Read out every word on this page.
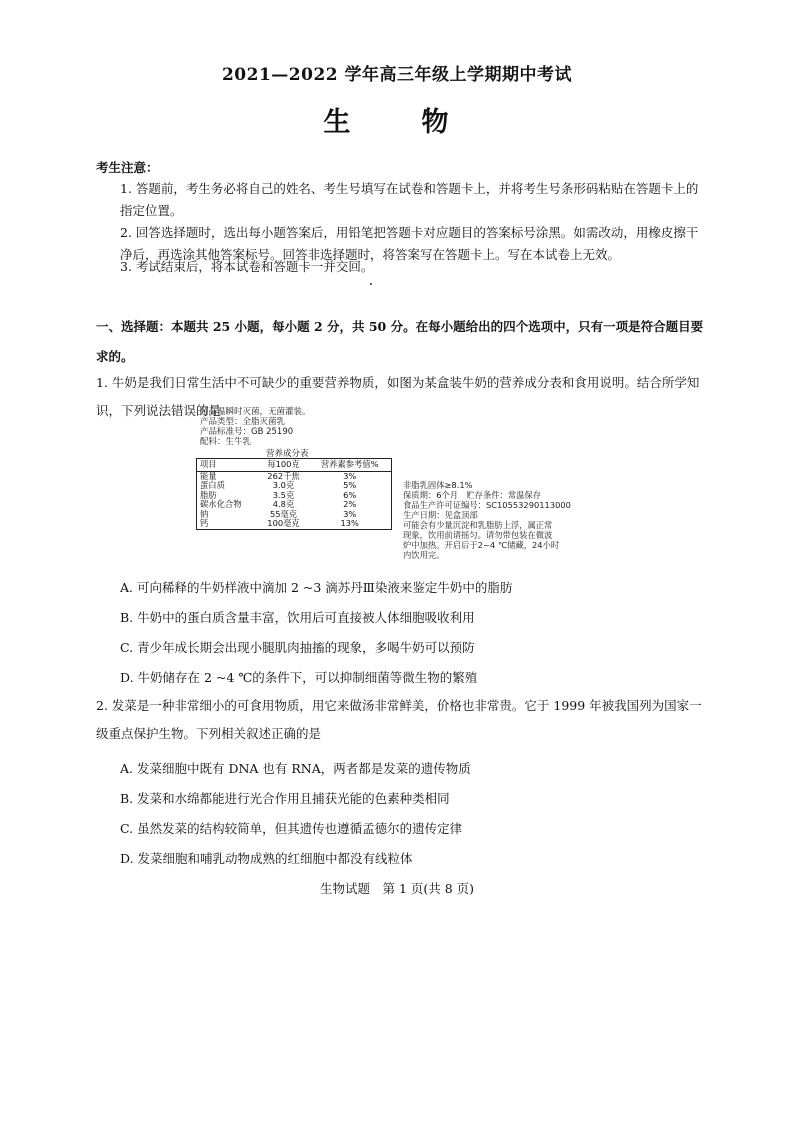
2021—2022 学年高三年级上学期期中考试
生　物
考生注意：
1. 答题前，考生务必将自己的姓名、考生号填写在试卷和答题卡上，并将考生号条形码粘贴在答题卡上的指定位置。
2. 回答选择题时，选出每小题答案后，用铅笔把答题卡对应题目的答案标号涂黑。如需改动，用橡皮擦干净后，再选涂其他答案标号。回答非选择题时，将答案写在答题卡上。写在本试卷上无效。
3. 考试结束后，将本试卷和答题卡一并交回。
一、选择题：本题共 25 小题，每小题 2 分，共 50 分。在每小题给出的四个选项中，只有一项是符合题目要求的。
1. 牛奶是我们日常生活中不可缺少的重要营养物质，如图为某盒装牛奶的营养成分表和食用说明。结合所学知识，下列说法错误的是
超高温瞬时灭菌，无菌灌装。
产品类型：全脂灭菌乳
产品标准号：GB 25190
配料：生牛乳
营养成分表
项目	每100克	营养素参考值%
能量	262千焦	3%
蛋白质	3.0克	5%
脂肪	3.5克	6%
碳水化合物	4.8克	2%
钠	55毫克	3%
钙	100毫克	13%
非脂乳固体≥8.1%
保质期：6个月　贮存条件：常温保存
食品生产许可证编号：SC10553290113000
生产日期：见盒顶部
可能会有少量沉淀和乳脂肪上浮，属正常
现象，饮用前请摇匀。请勿带包装在微波
炉中加热。开启后于2~4 ℃储藏，24小时
内饮用完。
A. 可向稀释的牛奶样液中滴加 2 ~3 滴苏丹Ⅲ染液来鉴定牛奶中的脂肪
B. 牛奶中的蛋白质含量丰富，饮用后可直接被人体细胞吸收利用
C. 青少年成长期会出现小腿肌肉抽搐的现象，多喝牛奶可以预防
D. 牛奶储存在 2 ~4 ℃的条件下，可以抑制细菌等微生物的繁殖
2. 发菜是一种非常细小的可食用物质，用它来做汤非常鲜美，价格也非常贵。它于 1999 年被我国列为国家一级重点保护生物。下列相关叙述正确的是
A. 发菜细胞中既有 DNA 也有 RNA，两者都是发菜的遗传物质
B. 发菜和水绵都能进行光合作用且捕获光能的色素种类相同
C. 虽然发菜的结构较简单，但其遗传也遵循孟德尔的遗传定律
D. 发菜细胞和哺乳动物成熟的红细胞中都没有线粒体
生物试题　第 1 页(共 8 页)
